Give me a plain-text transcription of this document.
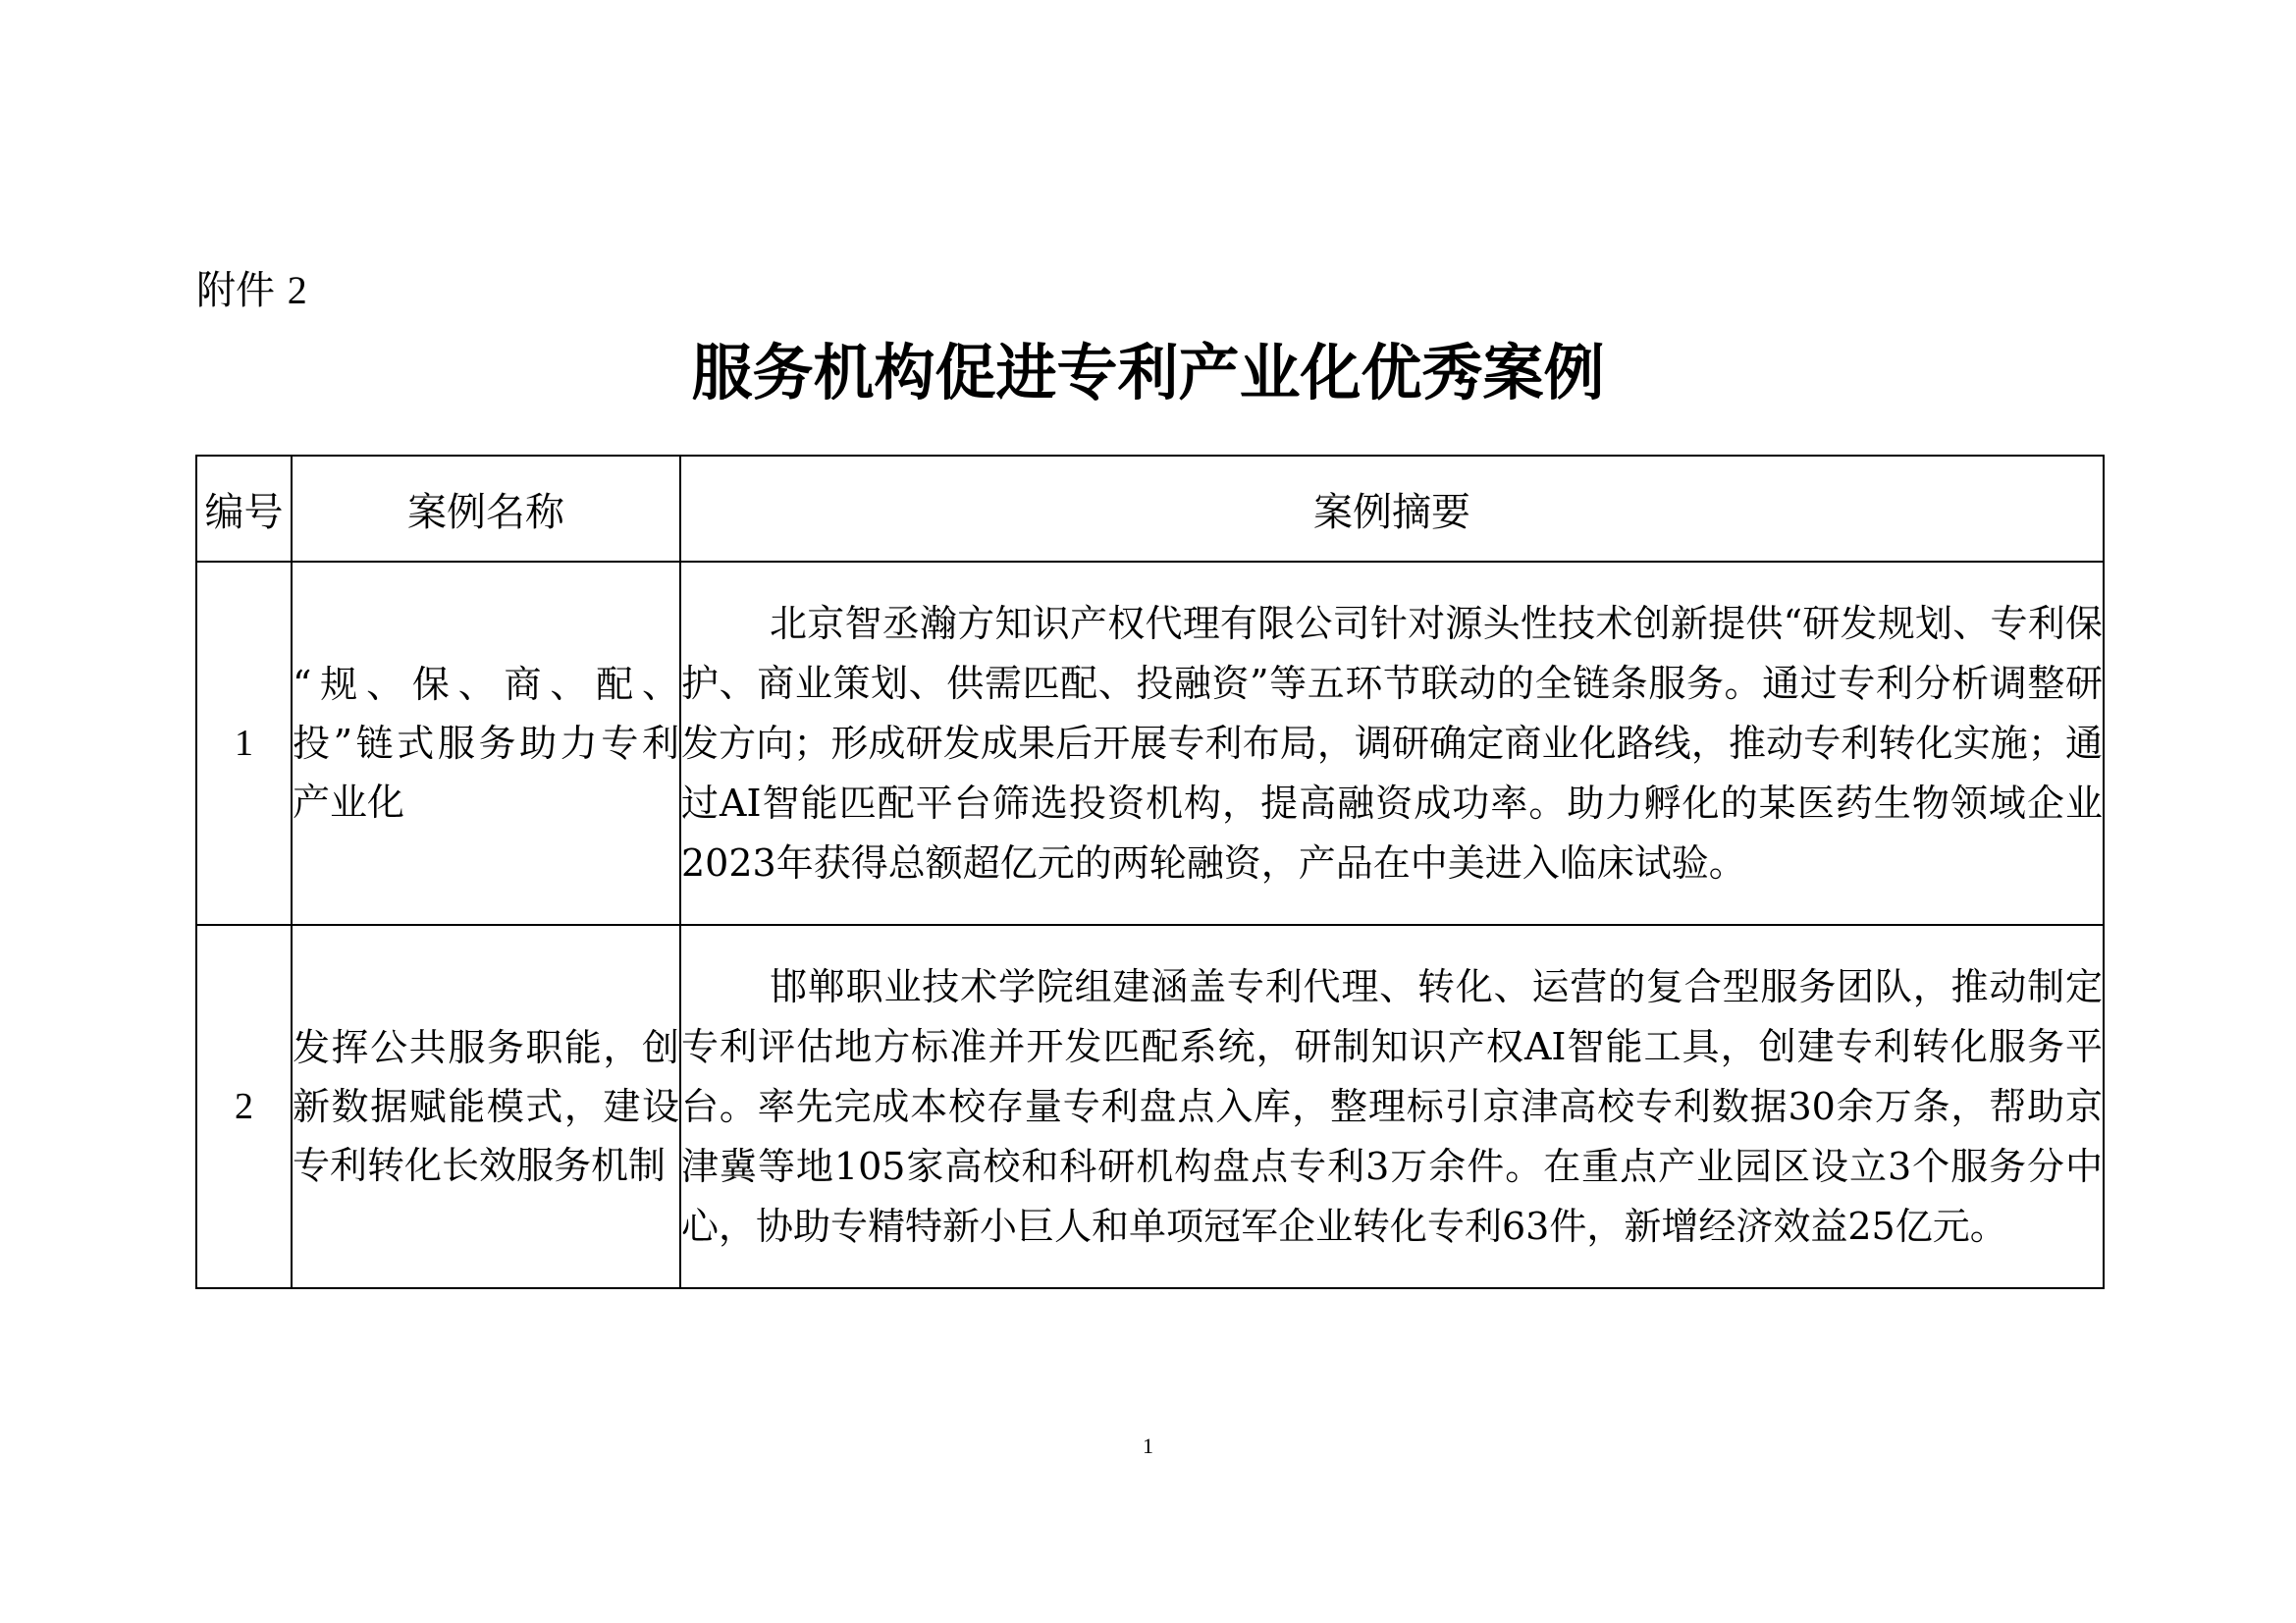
附件 2
服务机构促进专利产业化优秀案例
编号	案例名称	案例摘要
1	“规、保、商、配、投”链式服务助力专利产业化	北京智丞瀚方知识产权代理有限公司针对源头性技术创新提供“研发规划、专利保护、商业策划、供需匹配、投融资”等五环节联动的全链条服务。通过专利分析调整研发方向；形成研发成果后开展专利布局，调研确定商业化路线，推动专利转化实施；通过AI智能匹配平台筛选投资机构，提高融资成功率。助力孵化的某医药生物领域企业2023年获得总额超亿元的两轮融资，产品在中美进入临床试验。
2	发挥公共服务职能，创新数据赋能模式，建设专利转化长效服务机制	邯郸职业技术学院组建涵盖专利代理、转化、运营的复合型服务团队，推动制定专利评估地方标准并开发匹配系统，研制知识产权AI智能工具，创建专利转化服务平台。率先完成本校存量专利盘点入库，整理标引京津高校专利数据30余万条，帮助京津冀等地105家高校和科研机构盘点专利3万余件。在重点产业园区设立3个服务分中心，协助专精特新小巨人和单项冠军企业转化专利63件，新增经济效益25亿元。
1
